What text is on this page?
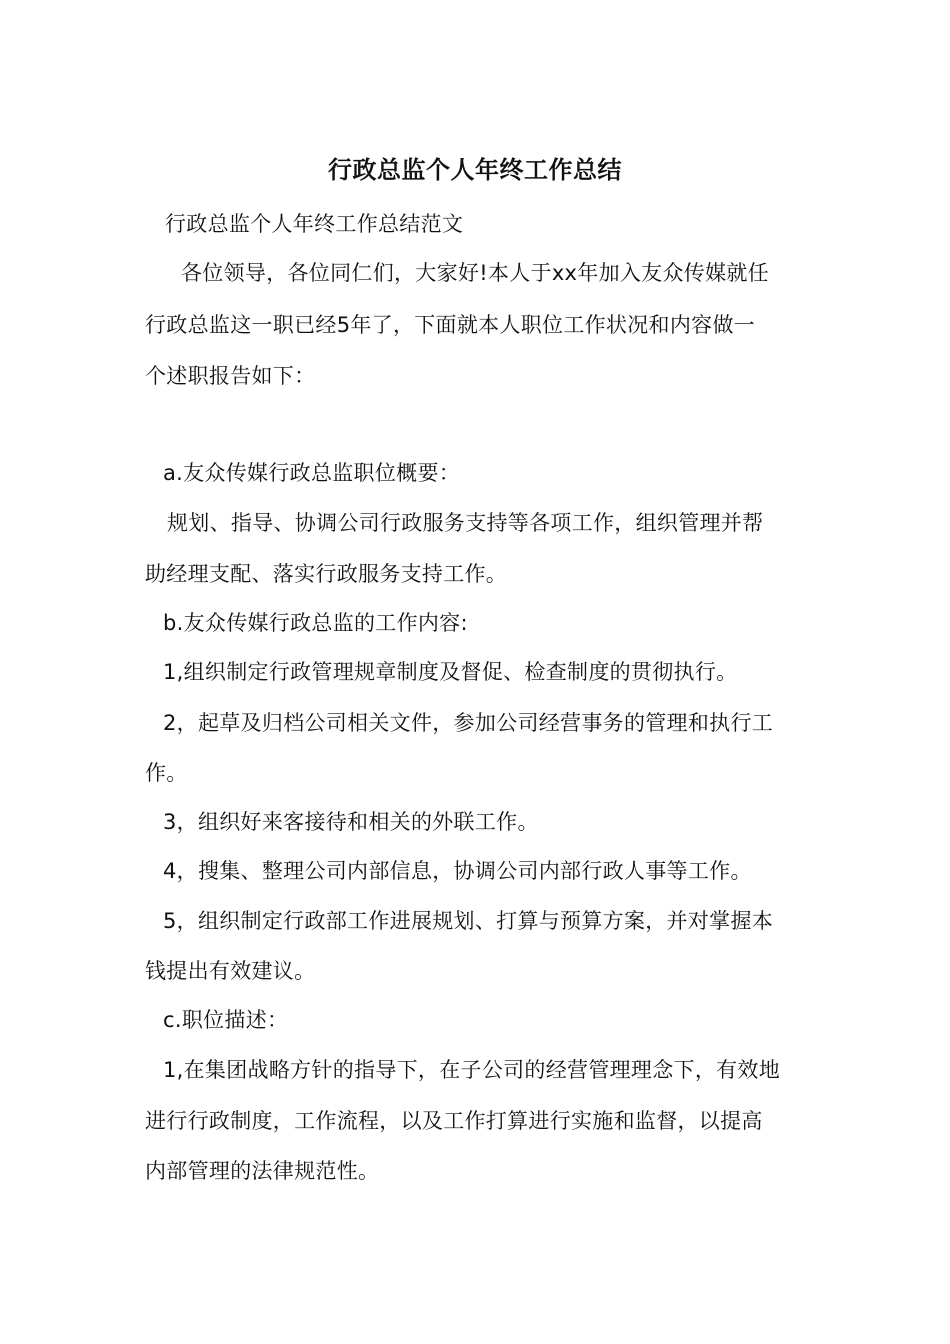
行政总监个人年终工作总结
行政总监个人年终工作总结范文
各位领导，各位同仁们，大家好!本人于xx年加入友众传媒就任
行政总监这一职已经5年了，下面就本人职位工作状况和内容做一
个述职报告如下：
a.友众传媒行政总监职位概要：
规划、指导、协调公司行政服务支持等各项工作，组织管理并帮
助经理支配、落实行政服务支持工作。
b.友众传媒行政总监的工作内容:
1,组织制定行政管理规章制度及督促、检查制度的贯彻执行。
2，起草及归档公司相关文件，参加公司经营事务的管理和执行工
作。
3，组织好来客接待和相关的外联工作。
4，搜集、整理公司内部信息，协调公司内部行政人事等工作。
5，组织制定行政部工作进展规划、打算与预算方案，并对掌握本
钱提出有效建议。
c.职位描述：
1,在集团战略方针的指导下，在子公司的经营管理理念下，有效地
进行行政制度，工作流程，以及工作打算进行实施和监督，以提高
内部管理的法律规范性。
